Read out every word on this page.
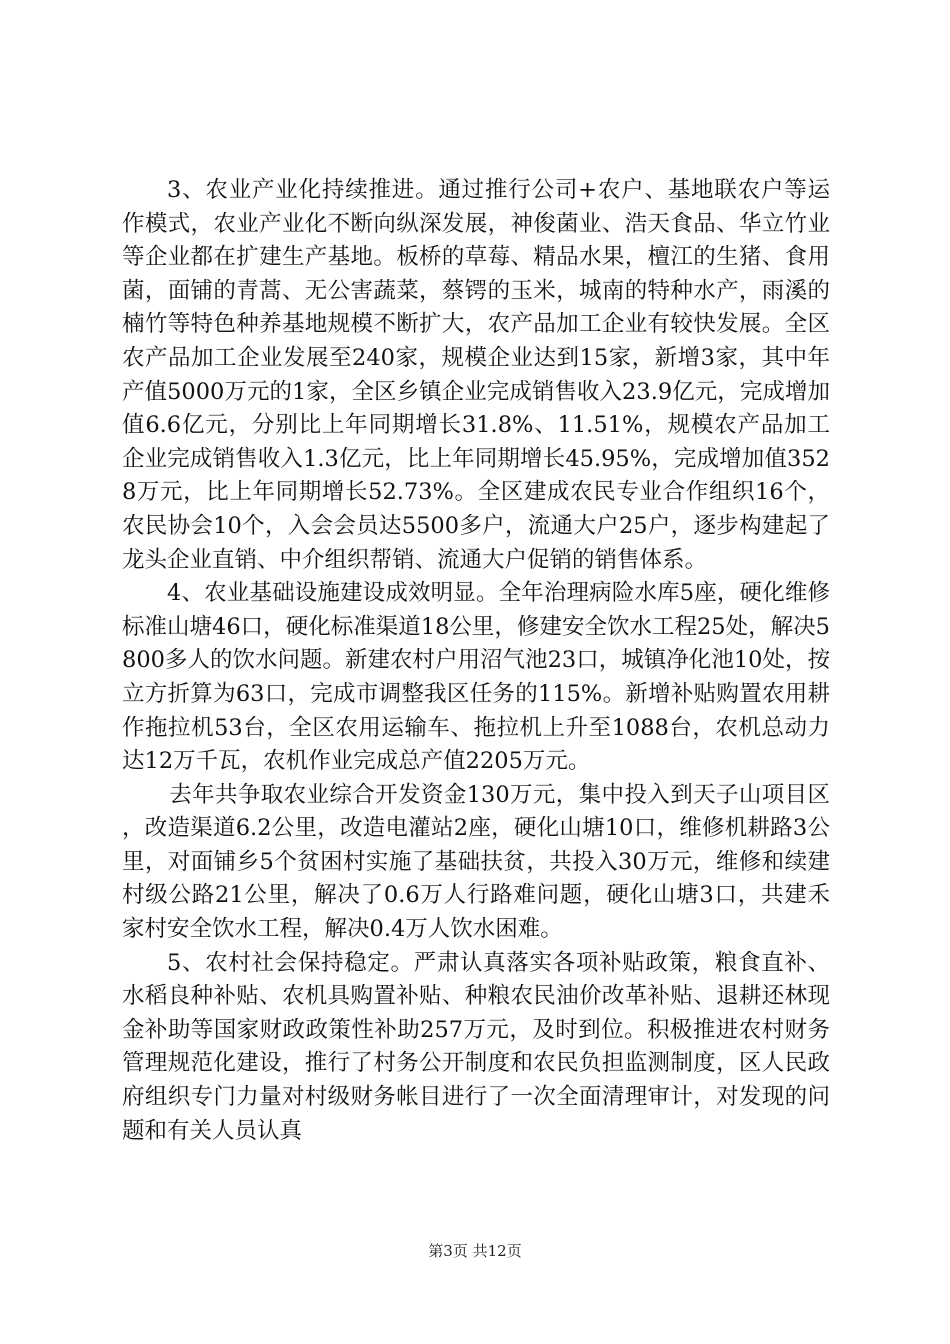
3、农业产业化持续推进。通过推行公司+农户、基地联农户等运作模式，农业产业化不断向纵深发展，神俊菌业、浩天食品、华立竹业等企业都在扩建生产基地。板桥的草莓、精品水果，檀江的生猪、食用菌，面铺的青蒿、无公害蔬菜，蔡锷的玉米，城南的特种水产，雨溪的楠竹等特色种养基地规模不断扩大，农产品加工企业有较快发展。全区农产品加工企业发展至240家，规模企业达到15家，新增3家，其中年产值5000万元的1家，全区乡镇企业完成销售收入23.9亿元，完成增加值6.6亿元，分别比上年同期增长31.8%、11.51%，规模农产品加工企业完成销售收入1.3亿元，比上年同期增长45.95%，完成增加值3528万元，比上年同期增长52.73%。全区建成农民专业合作组织16个，农民协会10个，入会会员达5500多户，流通大户25户，逐步构建起了龙头企业直销、中介组织帮销、流通大户促销的销售体系。

4、农业基础设施建设成效明显。全年治理病险水库5座，硬化维修标准山塘46口，硬化标准渠道18公里，修建安全饮水工程25处，解决5800多人的饮水问题。新建农村户用沼气池23口，城镇净化池10处，按立方折算为63口，完成市调整我区任务的115%。新增补贴购置农用耕作拖拉机53台，全区农用运输车、拖拉机上升至1088台，农机总动力达12万千瓦，农机作业完成总产值2205万元。

去年共争取农业综合开发资金130万元，集中投入到天子山项目区，改造渠道6.2公里，改造电灌站2座，硬化山塘10口，维修机耕路3公里，对面铺乡5个贫困村实施了基础扶贫，共投入30万元，维修和续建村级公路21公里，解决了0.6万人行路难问题，硬化山塘3口，共建禾家村安全饮水工程，解决0.4万人饮水困难。

5、农村社会保持稳定。严肃认真落实各项补贴政策，粮食直补、水稻良种补贴、农机具购置补贴、种粮农民油价改革补贴、退耕还林现金补助等国家财政政策性补助257万元，及时到位。积极推进农村财务管理规范化建设，推行了村务公开制度和农民负担监测制度，区人民政府组织专门力量对村级财务帐目进行了一次全面清理审计，对发现的问题和有关人员认真

第3页 共12页
